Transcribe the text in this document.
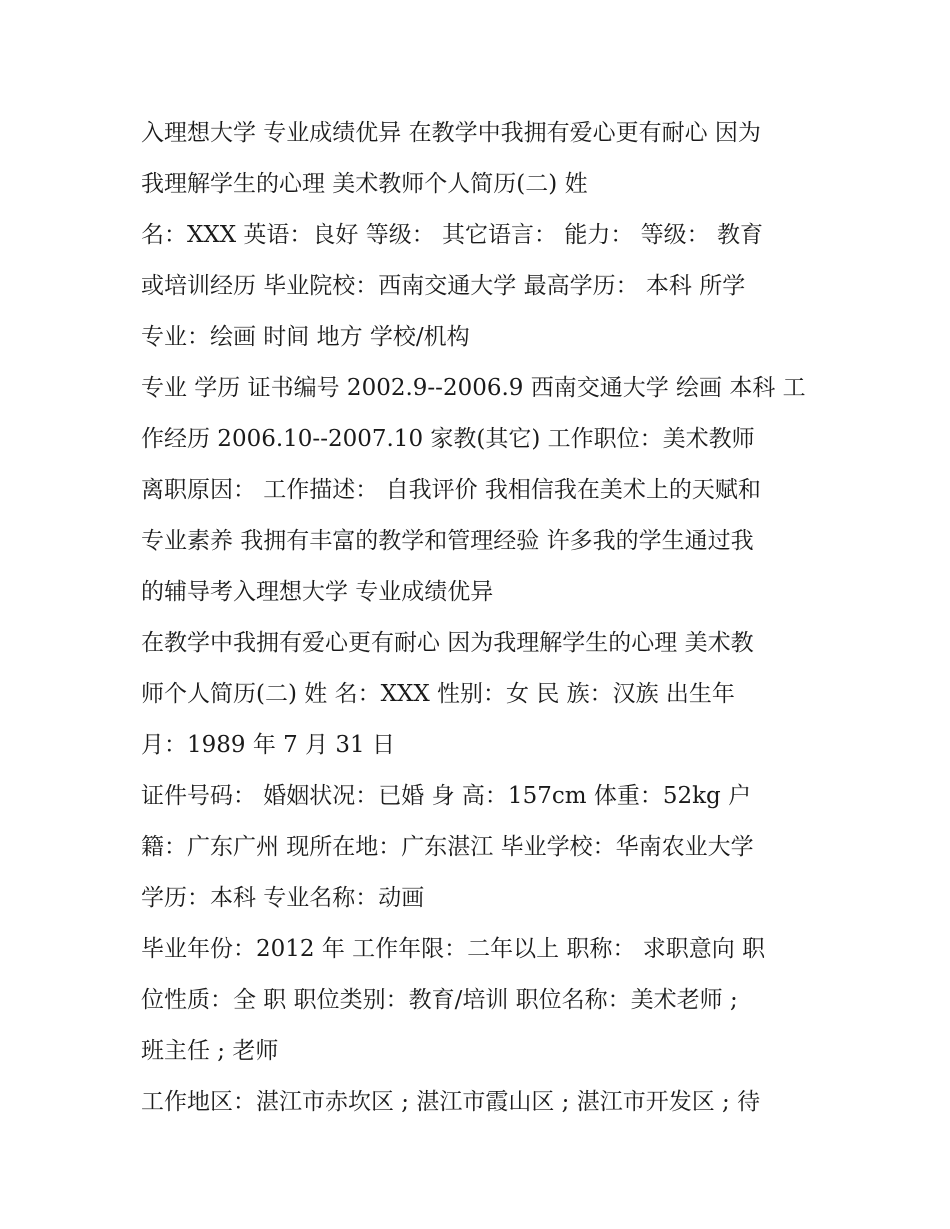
入理想大学 专业成绩优异 在教学中我拥有爱心更有耐心 因为
我理解学生的心理 美术教师个人简历(二) 姓
名：XXX 英语：良好 等级： 其它语言： 能力： 等级： 教育
或培训经历 毕业院校：西南交通大学 最高学历： 本科 所学
专业：绘画 时间 地方 学校/机构
专业 学历 证书编号 2002.9--2006.9 西南交通大学 绘画 本科 工
作经历 2006.10--2007.10 家教(其它) 工作职位：美术教师
离职原因： 工作描述： 自我评价 我相信我在美术上的天赋和
专业素养 我拥有丰富的教学和管理经验 许多我的学生通过我
的辅导考入理想大学 专业成绩优异
在教学中我拥有爱心更有耐心 因为我理解学生的心理 美术教
师个人简历(二) 姓 名：XXX 性别：女 民 族：汉族 出生年
月：1989 年 7 月 31 日
证件号码： 婚姻状况：已婚 身 高：157cm 体重：52kg 户
籍：广东广州 现所在地：广东湛江 毕业学校：华南农业大学
学历：本科 专业名称：动画
毕业年份：2012 年 工作年限：二年以上 职称： 求职意向 职
位性质：全 职 职位类别：教育/培训 职位名称：美术老师 ;
班主任 ; 老师
工作地区：湛江市赤坎区 ; 湛江市霞山区 ; 湛江市开发区 ; 待
